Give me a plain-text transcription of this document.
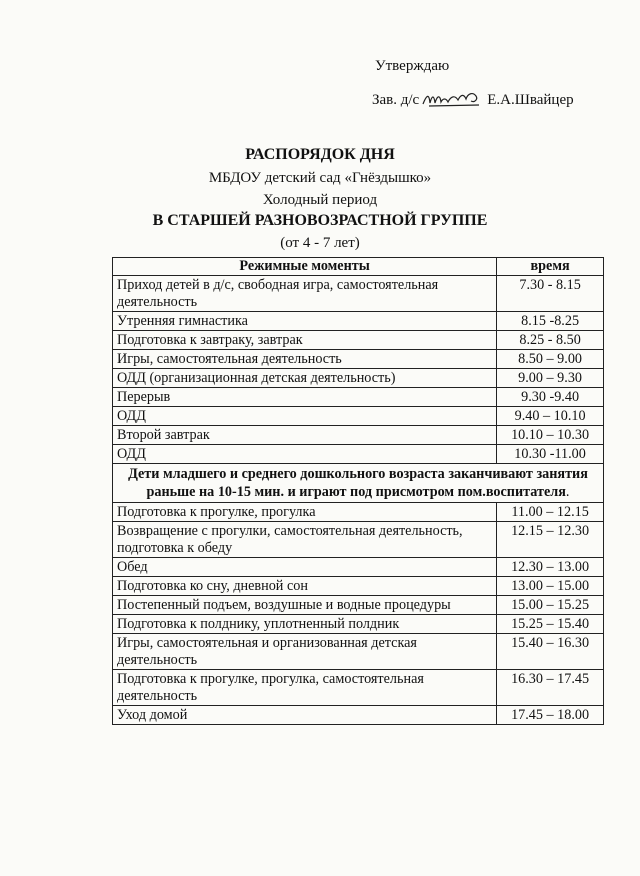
Утверждаю
Зав. д/с	Е.А.Швайцер
РАСПОРЯДОК ДНЯ
МБДОУ детский сад «Гнёздышко»
Холодный период
В СТАРШЕЙ РАЗНОВОЗРАСТНОЙ ГРУППЕ
(от 4 - 7 лет)
Режимные моменты	время
Приход детей в д/с, свободная игра, самостоятельная деятельность	7.30 - 8.15
Утренняя гимнастика	8.15 -8.25
Подготовка к завтраку, завтрак	8.25 - 8.50
Игры, самостоятельная деятельность	8.50 – 9.00
ОДД (организационная детская деятельность)	9.00 – 9.30
Перерыв	9.30 -9.40
ОДД	9.40 – 10.10
Второй завтрак	10.10 – 10.30
ОДД	10.30 -11.00
Дети младшего и среднего дошкольного возраста заканчивают занятия раньше на 10-15 мин. и играют под присмотром пом.воспитателя.	
Подготовка к прогулке, прогулка	11.00 – 12.15
Возвращение с прогулки, самостоятельная деятельность, подготовка к обеду	12.15 – 12.30
Обед	12.30 – 13.00
Подготовка ко сну, дневной сон	13.00 – 15.00
Постепенный подъем, воздушные и водные процедуры	15.00 – 15.25
Подготовка к полднику, уплотненный полдник	15.25 – 15.40
Игры, самостоятельная и организованная детская деятельность	15.40 – 16.30
Подготовка к прогулке, прогулка, самостоятельная деятельность	16.30 – 17.45
Уход домой	17.45 – 18.00
